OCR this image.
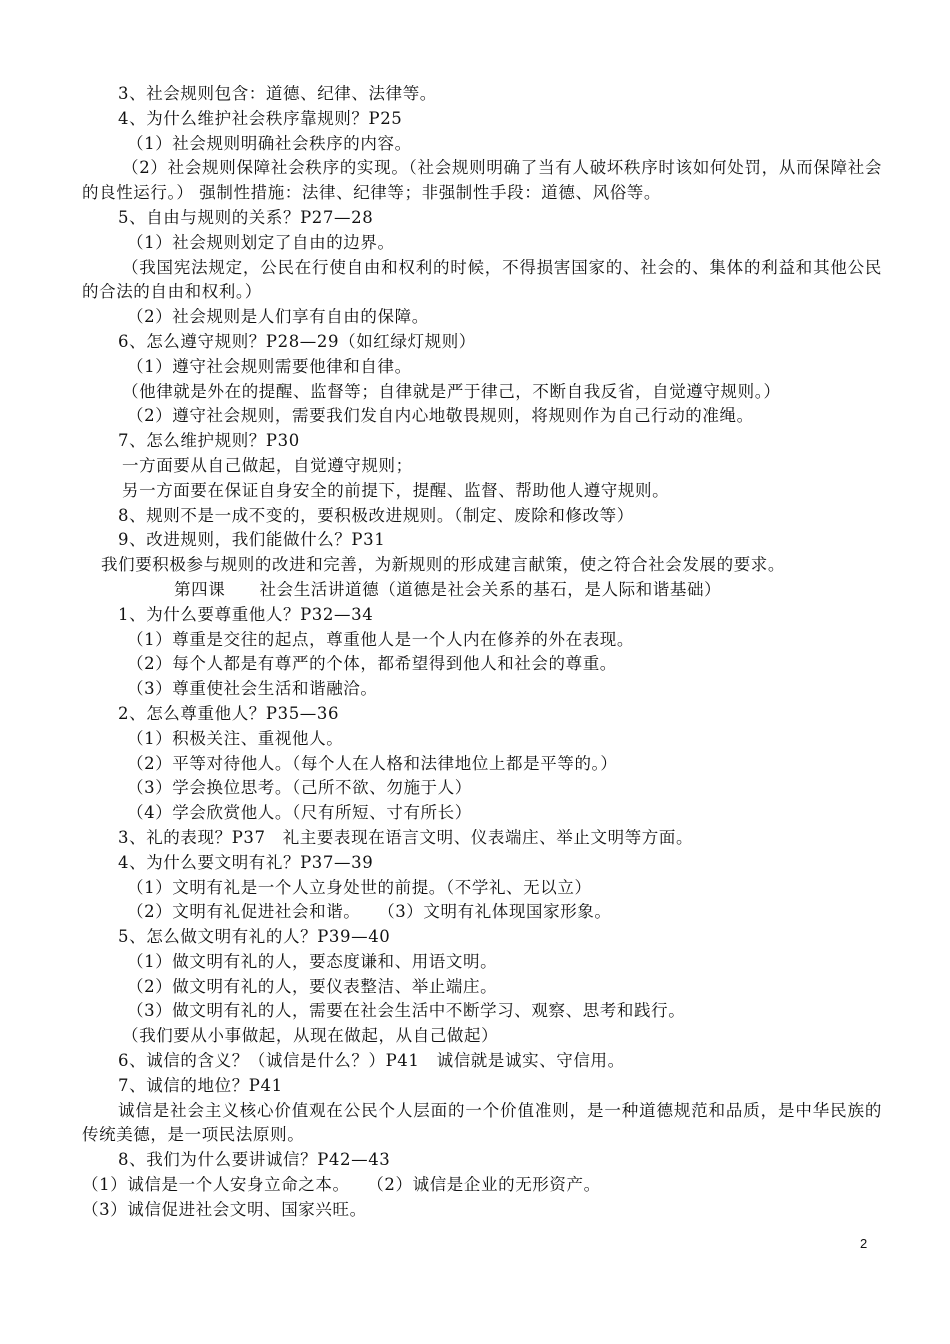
3、社会规则包含：道德、纪律、法律等。
4、为什么维护社会秩序靠规则？P25
（1）社会规则明确社会秩序的内容。
（2）社会规则保障社会秩序的实现。（社会规则明确了当有人破坏秩序时该如何处罚，从而保障社会的良性运行。） 强制性措施：法律、纪律等；非强制性手段：道德、风俗等。
5、自由与规则的关系？P27—28
（1）社会规则划定了自由的边界。
（我国宪法规定，公民在行使自由和权利的时候，不得损害国家的、社会的、集体的利益和其他公民的合法的自由和权利。）
（2）社会规则是人们享有自由的保障。
6、怎么遵守规则？P28—29（如红绿灯规则）
（1）遵守社会规则需要他律和自律。
（他律就是外在的提醒、监督等；自律就是严于律己，不断自我反省，自觉遵守规则。）
（2）遵守社会规则，需要我们发自内心地敬畏规则，将规则作为自己行动的准绳。
7、怎么维护规则？P30
一方面要从自己做起，自觉遵守规则；
另一方面要在保证自身安全的前提下，提醒、监督、帮助他人遵守规则。
8、规则不是一成不变的，要积极改进规则。（制定、废除和修改等）
9、改进规则，我们能做什么？P31
我们要积极参与规则的改进和完善，为新规则的形成建言献策，使之符合社会发展的要求。
第四课　　社会生活讲道德（道德是社会关系的基石，是人际和谐基础）
1、为什么要尊重他人？P32—34
（1）尊重是交往的起点，尊重他人是一个人内在修养的外在表现。
（2）每个人都是有尊严的个体，都希望得到他人和社会的尊重。
（3）尊重使社会生活和谐融洽。
2、怎么尊重他人？P35—36
（1）积极关注、重视他人。
（2）平等对待他人。（每个人在人格和法律地位上都是平等的。）
（3）学会换位思考。（己所不欲、勿施于人）
（4）学会欣赏他人。（尺有所短、寸有所长）
3、礼的表现？P37　礼主要表现在语言文明、仪表端庄、举止文明等方面。
4、为什么要文明有礼？P37—39
（1）文明有礼是一个人立身处世的前提。（不学礼、无以立）
（2）文明有礼促进社会和谐。　　（3）文明有礼体现国家形象。
5、怎么做文明有礼的人？P39—40
（1）做文明有礼的人，要态度谦和、用语文明。
（2）做文明有礼的人，要仪表整洁、举止端庄。
（3）做文明有礼的人，需要在社会生活中不断学习、观察、思考和践行。
（我们要从小事做起，从现在做起，从自己做起）
6、诚信的含义？（诚信是什么？）P41　诚信就是诚实、守信用。
7、诚信的地位？P41
诚信是社会主义核心价值观在公民个人层面的一个价值准则，是一种道德规范和品质，是中华民族的传统美德，是一项民法原则。
8、我们为什么要讲诚信？P42—43
（1）诚信是一个人安身立命之本。　　（2）诚信是企业的无形资产。
（3）诚信促进社会文明、国家兴旺。
2
